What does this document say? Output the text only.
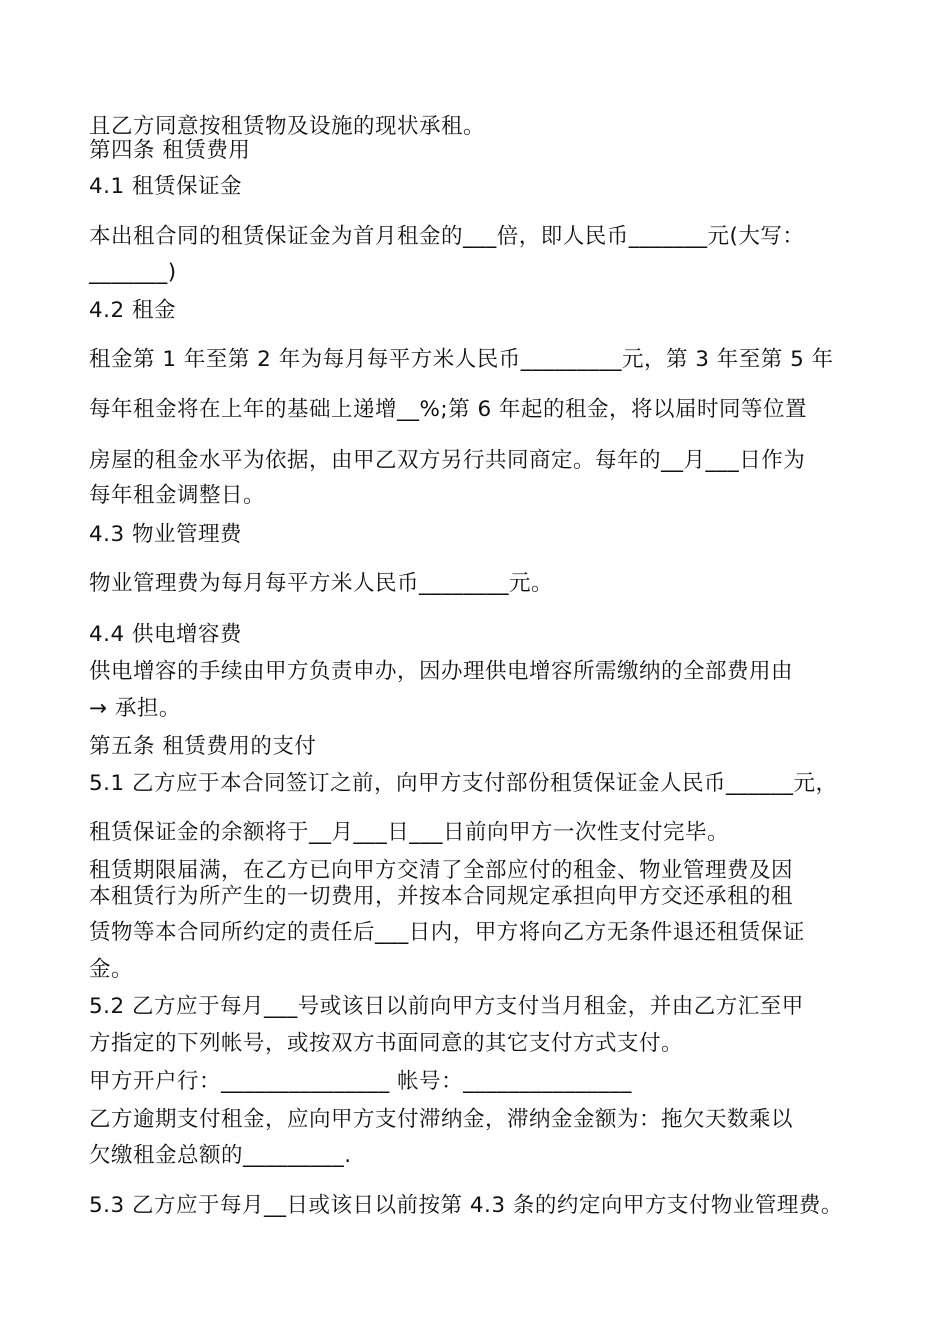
且乙方同意按租赁物及设施的现状承租。

第四条 租赁费用

4.1 租赁保证金

本出租合同的租赁保证金为首月租金的___倍，即人民币_______元(大写：

_______)

4.2 租金

租金第 1 年至第 2 年为每月每平方米人民币_________元，第 3 年至第 5 年

每年租金将在上年的基础上递增__%;第 6 年起的租金，将以届时同等位置

房屋的租金水平为依据，由甲乙双方另行共同商定。每年的__月___日作为

每年租金调整日。

4.3 物业管理费

物业管理费为每月每平方米人民币________元。

4.4 供电增容费

供电增容的手续由甲方负责申办，因办理供电增容所需缴纳的全部费用由

→ 承担。

第五条 租赁费用的支付

5.1 乙方应于本合同签订之前，向甲方支付部份租赁保证金人民币______元，

租赁保证金的余额将于__月___日___日前向甲方一次性支付完毕。

租赁期限届满，在乙方已向甲方交清了全部应付的租金、物业管理费及因

本租赁行为所产生的一切费用，并按本合同规定承担向甲方交还承租的租

赁物等本合同所约定的责任后___日内，甲方将向乙方无条件退还租赁保证

金。

5.2 乙方应于每月___号或该日以前向甲方支付当月租金，并由乙方汇至甲

方指定的下列帐号，或按双方书面同意的其它支付方式支付。

甲方开户行：_______________ 帐号：_______________

乙方逾期支付租金，应向甲方支付滞纳金，滞纳金金额为：拖欠天数乘以

欠缴租金总额的_________.

5.3 乙方应于每月__日或该日以前按第 4.3 条的约定向甲方支付物业管理费。
